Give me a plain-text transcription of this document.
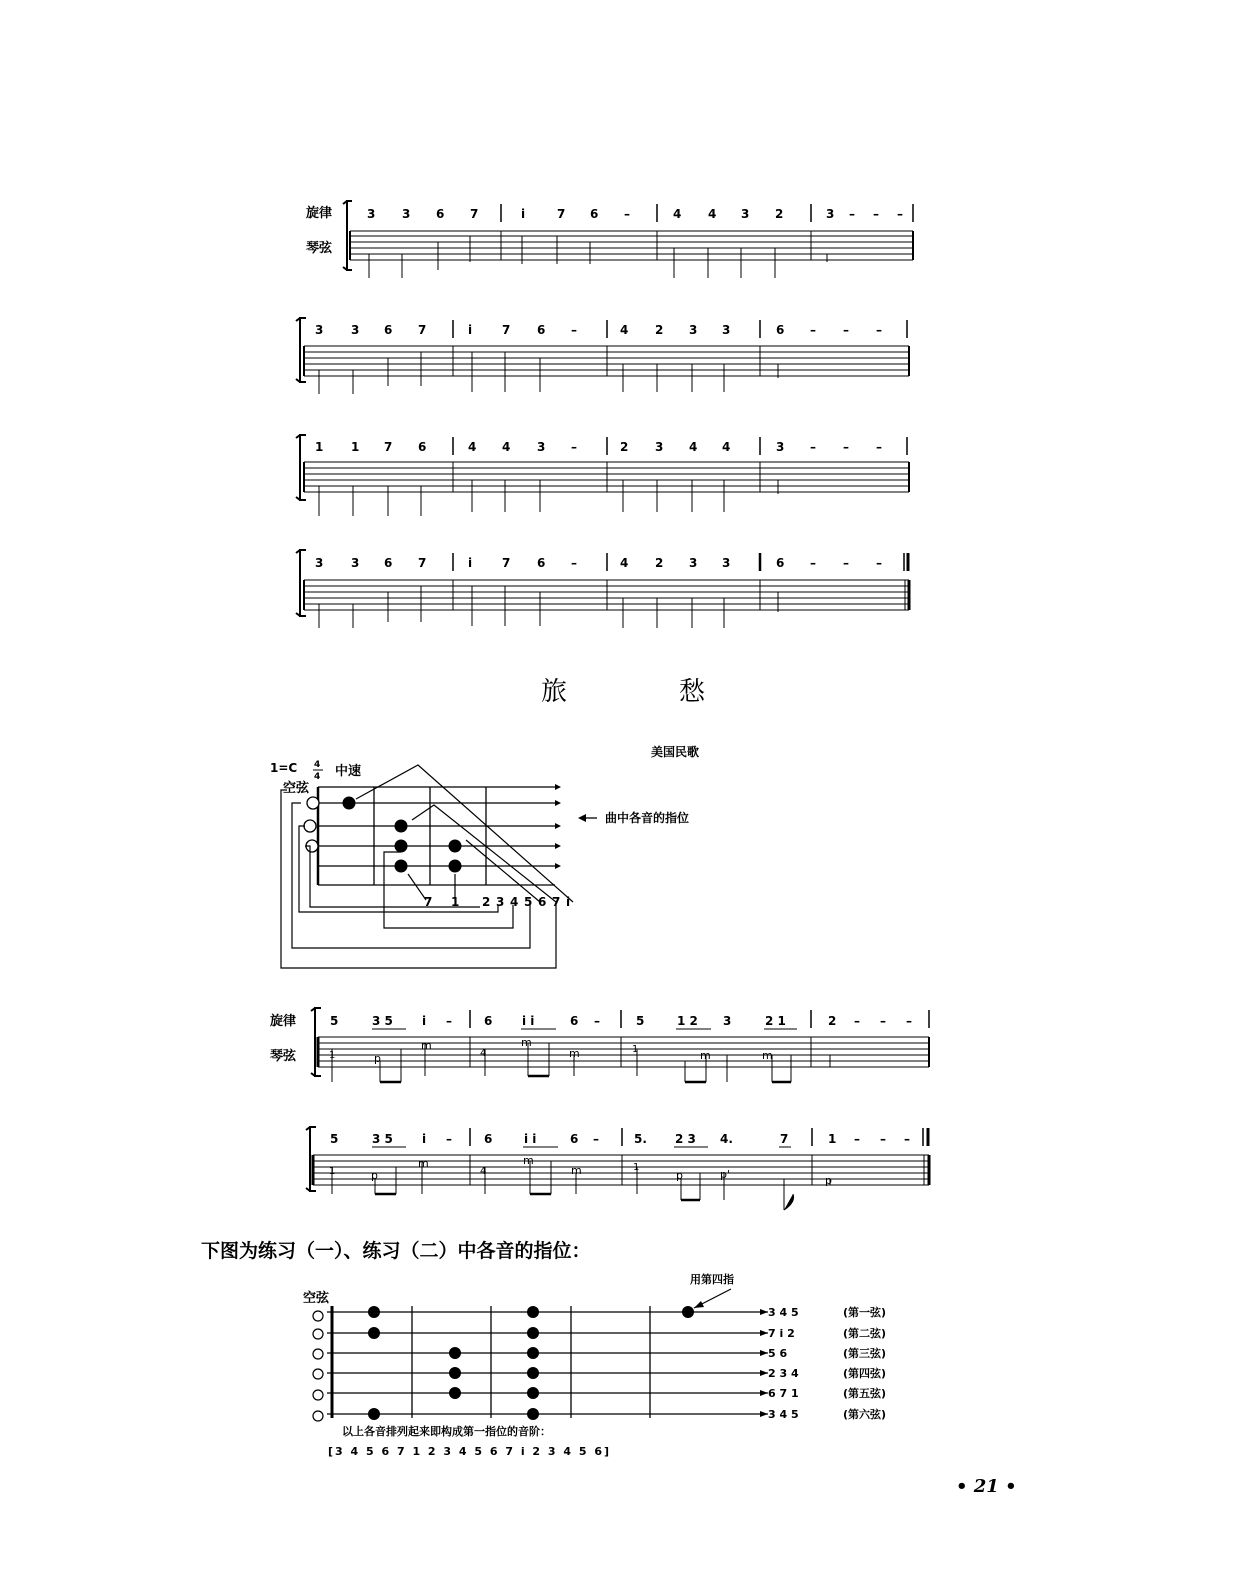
旋律
琴弦
3 3 6 7	i	7 6 –	4 4 3 2	3 – – –
3 3 6 7	i 7 6 –	4 2 3 3	6 – – –
1 1 7 6	4 4 3 –	2 3 4 4	3 – – –
3 3 6 7	i 7 6 –	4 2 3 3	6 – – –
旅	愁
美国民歌
1=C 4
4 中速
空弦
7 1 2 3 4 5 6 7 i
曲中各音的指位
旋律
琴弦
5	3 5 i –	6 i i	6 –	5	1 2 3	2 1	2 – – –
1	p
m
4
m
m	1	m	m
5	3 5 i –	6	i i	6 –	5. 2 3 4.	7	1 – – –
1	p
m
4
m
m	1
p	p'	p
下图为练习（一）、练习（二）中各音的指位：
空弦
用第四指
3 4 5	(第一弦)
7 i 2	(第二弦)
5 6	(第三弦)
2 3 4	(第四弦)
6 7 1	(第五弦)
3 4 5	(第六弦)
以上各音排列起来即构成第一指位的音阶：
[3 4 5 6 7 1 2 3 4 5 6 7 i 2 3 4 5 6]
• 21 •
